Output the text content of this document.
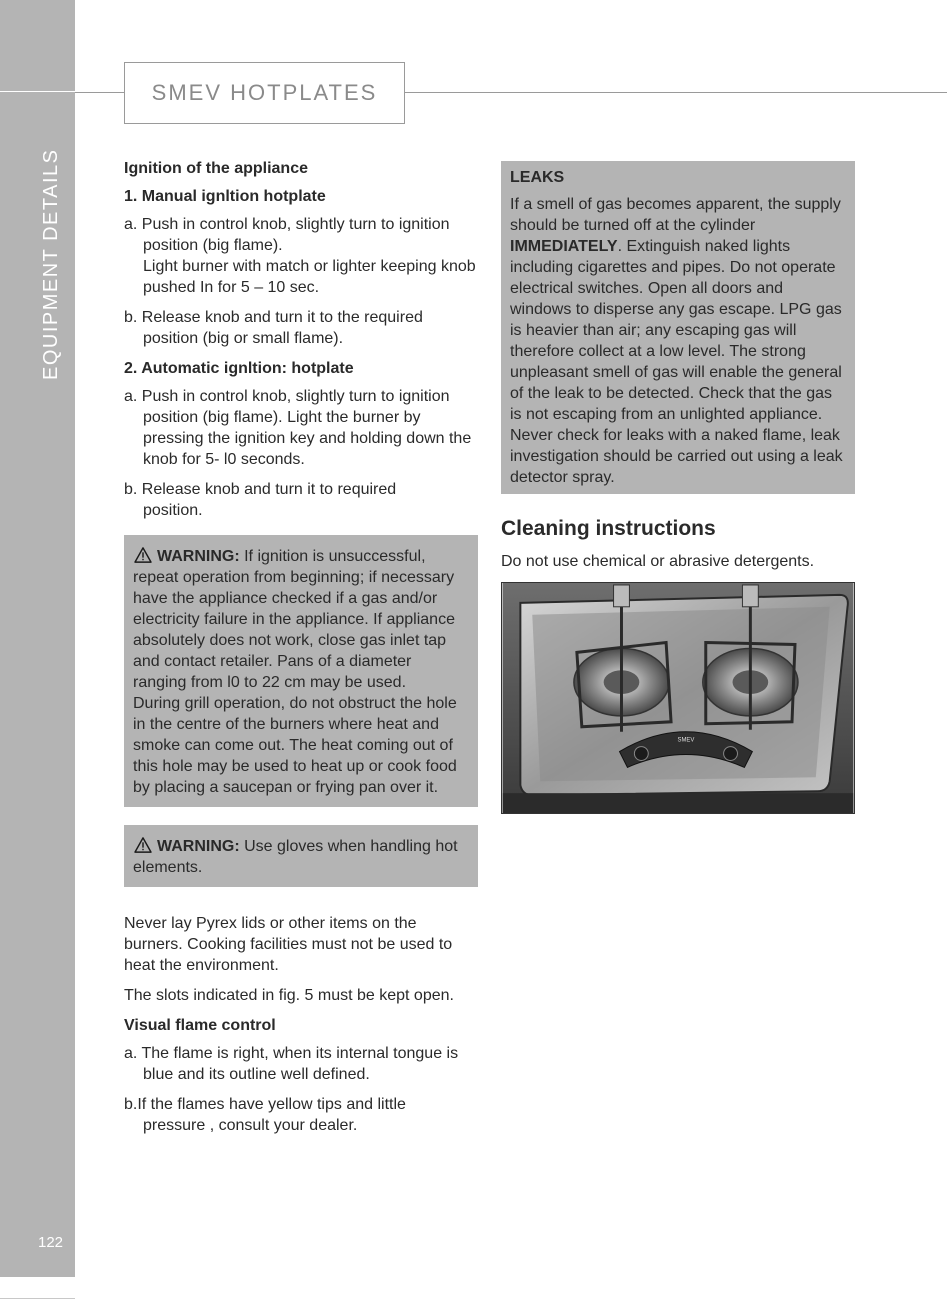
EQUIPMENT DETAILS
122
SMEV HOTPLATES
Ignition of the appliance
1. Manual ignltion hotplate
a. Push in control knob, slightly turn to ignition
position (big flame).
Light burner with match or lighter keeping knob pushed In for 5 – 10 sec.
b. Release knob and turn it to the required
position (big or small flame).
2. Automatic ignltion: hotplate
a. Push in control knob, slightly turn to ignition
position (big flame). Light the burner by pressing the ignition key and holding down the knob for 5- l0 seconds.
b. Release knob and turn it to required
position.
WARNING: If ignition is unsuccessful, repeat operation from beginning; if necessary have the appliance checked if a gas and/or electricity failure in the appliance. If appliance absolutely does not work, close gas inlet tap and contact retailer. Pans of a diameter ranging from l0 to 22 cm may be used.
During grill operation, do not obstruct the hole in the centre of the burners where heat and smoke can come out. The heat coming out of this hole may be used to heat up or cook food by placing a saucepan or frying pan over it.
WARNING: Use gloves when handling hot elements.
Never lay Pyrex lids or other items on the burners. Cooking facilities must not be used to heat the environment.
The slots indicated in fig. 5 must be kept open.
Visual flame control
a. The flame is right, when its internal tongue is
blue and its outline well defined.
b.If the flames have yellow tips and little
pressure , consult your dealer.
LEAKS
If a smell of gas becomes apparent, the supply should be turned off at the cylinder IMMEDIATELY. Extinguish naked lights including cigarettes and pipes. Do not operate electrical switches. Open all doors and windows to disperse any gas escape. LPG gas is heavier than air; any escaping gas will therefore collect at a low level. The strong unpleasant smell of gas will enable the general of the leak to be detected. Check that the gas is not escaping from an unlighted appliance. Never check for leaks with a naked flame, leak investigation should be carried out using a leak detector spray.
Cleaning instructions
Do not use chemical or abrasive detergents.
SMEV
